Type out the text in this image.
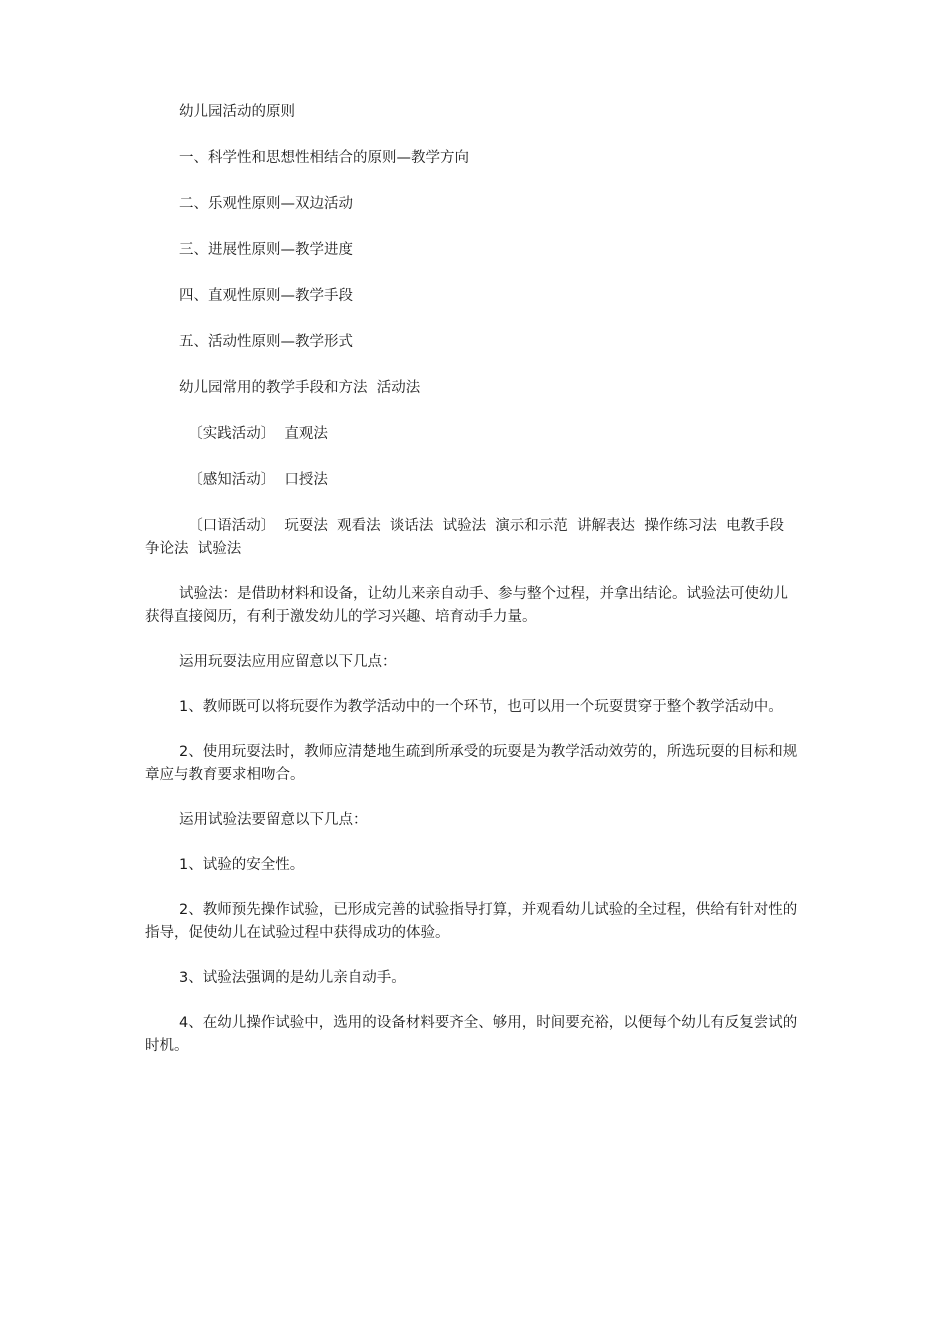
幼儿园活动的原则

一、科学性和思想性相结合的原则—教学方向

二、乐观性原则—双边活动

三、进展性原则—教学进度

四、直观性原则—教学手段

五、活动性原则—教学形式

幼儿园常用的教学手段和方法  活动法

〔实践活动〕  直观法

〔感知活动〕  口授法

〔口语活动〕  玩耍法  观看法  谈话法  试验法  演示和示范  讲解表达  操作练习法  电教手段  争论法  试验法

试验法：是借助材料和设备，让幼儿来亲自动手、参与整个过程，并拿出结论。试验法可使幼儿获得直接阅历，有利于激发幼儿的学习兴趣、培育动手力量。

运用玩耍法应用应留意以下几点：

1、教师既可以将玩耍作为教学活动中的一个环节，也可以用一个玩耍贯穿于整个教学活动中。

2、使用玩耍法时，教师应清楚地生疏到所承受的玩耍是为教学活动效劳的，所选玩耍的目标和规章应与教育要求相吻合。

运用试验法要留意以下几点：

1、试验的安全性。

2、教师预先操作试验，已形成完善的试验指导打算，并观看幼儿试验的全过程，供给有针对性的指导，促使幼儿在试验过程中获得成功的体验。

3、试验法强调的是幼儿亲自动手。

4、在幼儿操作试验中，选用的设备材料要齐全、够用，时间要充裕，以便每个幼儿有反复尝试的时机。
